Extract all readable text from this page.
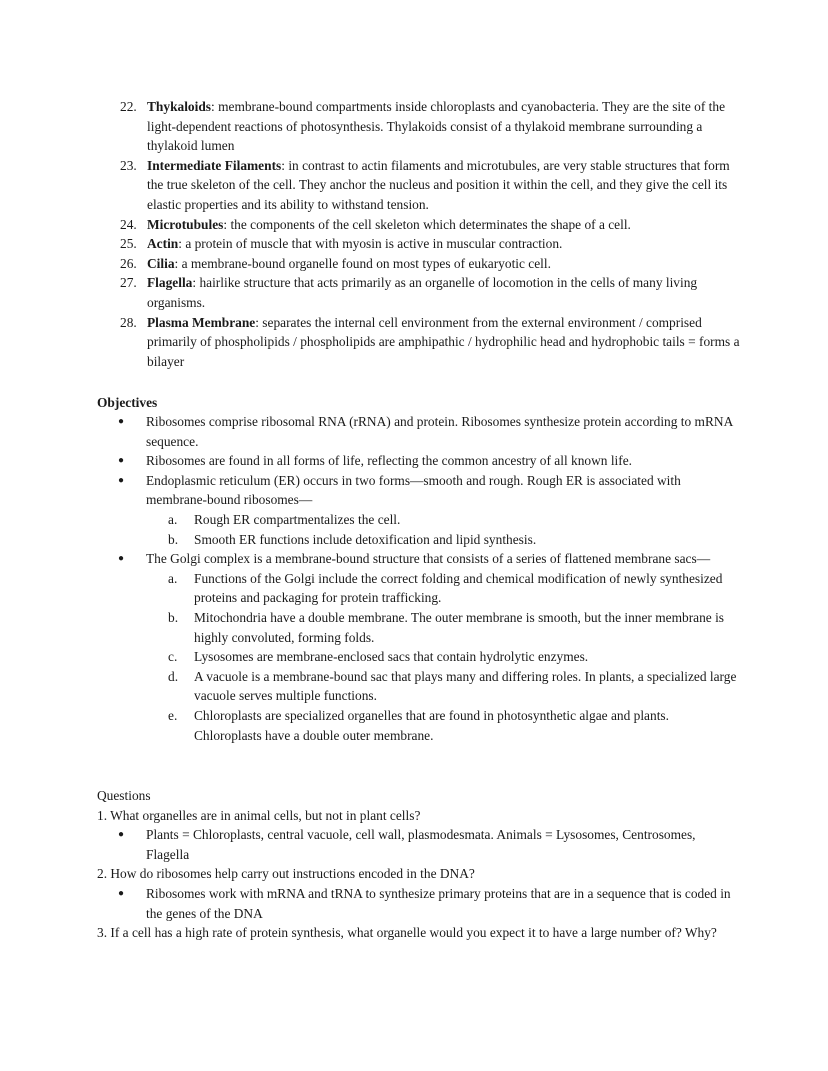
22. Thykaloids: membrane-bound compartments inside chloroplasts and cyanobacteria. They are the site of the light-dependent reactions of photosynthesis. Thylakoids consist of a thylakoid membrane surrounding a thylakoid lumen
23. Intermediate Filaments: in contrast to actin filaments and microtubules, are very stable structures that form the true skeleton of the cell. They anchor the nucleus and position it within the cell, and they give the cell its elastic properties and its ability to withstand tension.
24. Microtubules: the components of the cell skeleton which determinates the shape of a cell.
25. Actin: a protein of muscle that with myosin is active in muscular contraction.
26. Cilia: a membrane-bound organelle found on most types of eukaryotic cell.
27. Flagella: hairlike structure that acts primarily as an organelle of locomotion in the cells of many living organisms.
28. Plasma Membrane: separates the internal cell environment from the external environment / comprised primarily of phospholipids / phospholipids are amphipathic / hydrophilic head and hydrophobic tails = forms a bilayer
Objectives
●	Ribosomes comprise ribosomal RNA (rRNA) and protein. Ribosomes synthesize protein according to mRNA sequence.
●	Ribosomes are found in all forms of life, reflecting the common ancestry of all known life.
●	Endoplasmic reticulum (ER) occurs in two forms—smooth and rough. Rough ER is associated with membrane-bound ribosomes—
a.	Rough ER compartmentalizes the cell.
b.	Smooth ER functions include detoxification and lipid synthesis.
●	The Golgi complex is a membrane-bound structure that consists of a series of flattened membrane sacs—
a.	Functions of the Golgi include the correct folding and chemical modification of newly synthesized proteins and packaging for protein trafficking.
b.	Mitochondria have a double membrane. The outer membrane is smooth, but the inner membrane is highly convoluted, forming folds.
c.	Lysosomes are membrane-enclosed sacs that contain hydrolytic enzymes.
d.	A vacuole is a membrane-bound sac that plays many and differing roles. In plants, a specialized large vacuole serves multiple functions.
e.	Chloroplasts are specialized organelles that are found in photosynthetic algae and plants. Chloroplasts have a double outer membrane.
Questions
1. What organelles are in animal cells, but not in plant cells?
●	Plants = Chloroplasts, central vacuole, cell wall, plasmodesmata. Animals = Lysosomes, Centrosomes, Flagella
2. How do ribosomes help carry out instructions encoded in the DNA?
●	Ribosomes work with mRNA and tRNA to synthesize primary proteins that are in a sequence that is coded in the genes of the DNA
3. If a cell has a high rate of protein synthesis, what organelle would you expect it to have a large number of? Why?
